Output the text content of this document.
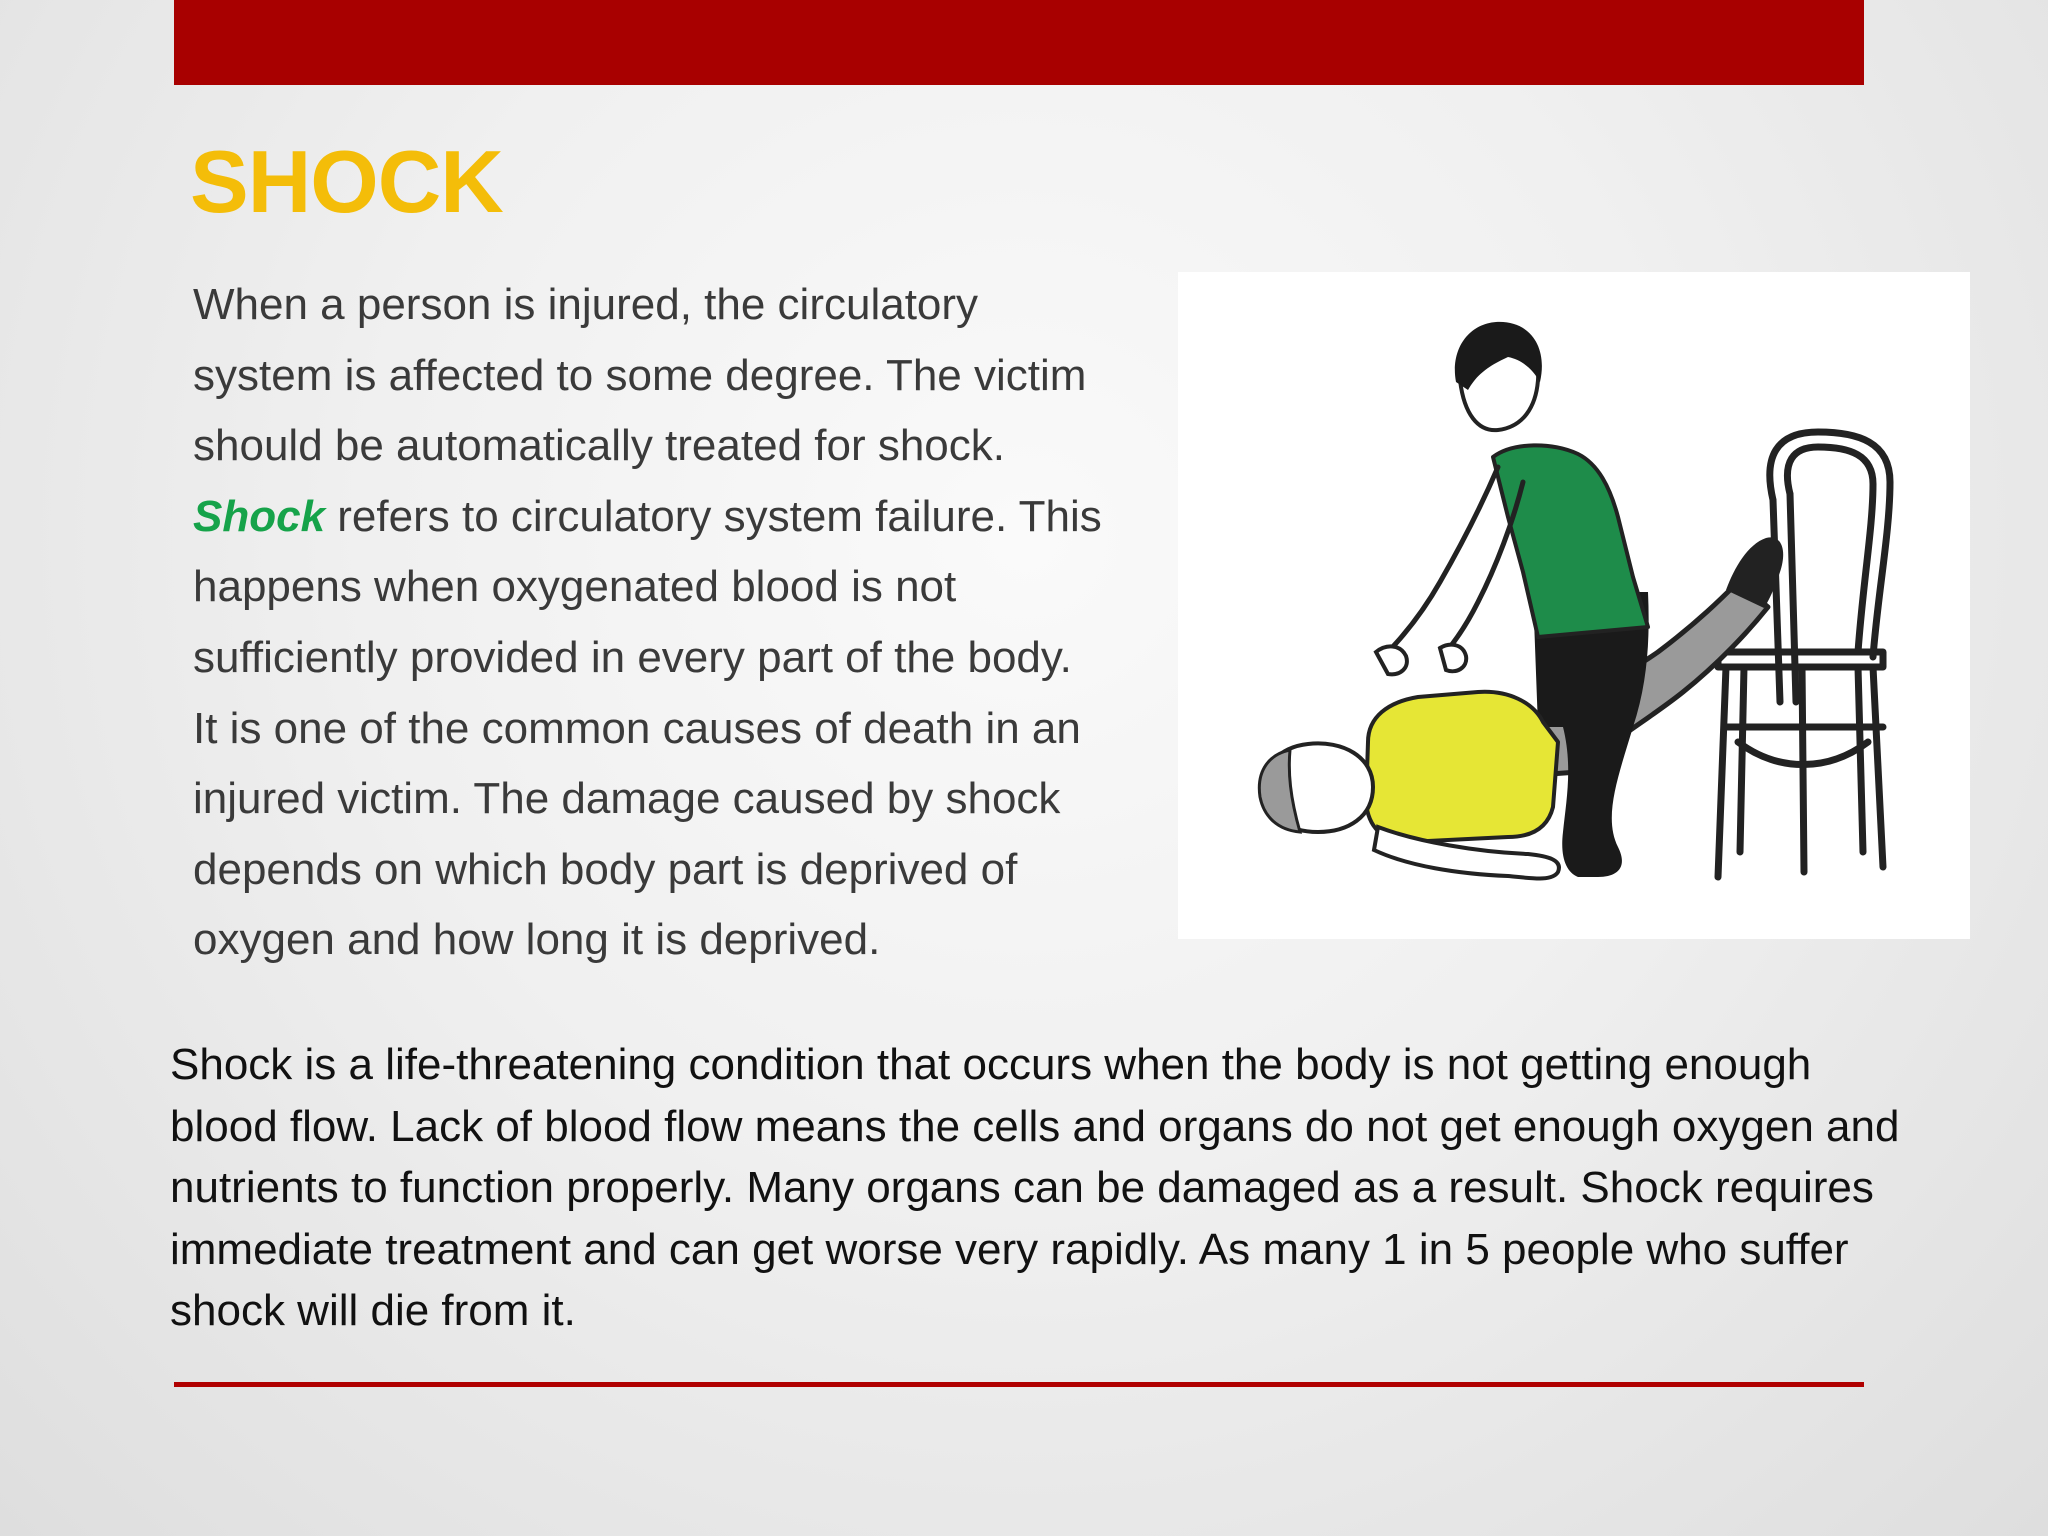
SHOCK
When a person is injured, the circulatory
system is affected to some degree. The victim
should be automatically treated for shock.
Shock refers to circulatory system failure. This
happens when oxygenated blood is not
sufficiently provided in every part of the body.
It is one of the common causes of death in an
injured victim. The damage caused by shock
depends on which body part is deprived of
oxygen and how long it is deprived.
Shock is a life-threatening condition that occurs when the body is not getting enough
blood flow. Lack of blood flow means the cells and organs do not get enough oxygen and
nutrients to function properly. Many organs can be damaged as a result. Shock requires
immediate treatment and can get worse very rapidly. As many 1 in 5 people who suffer
shock will die from it.
